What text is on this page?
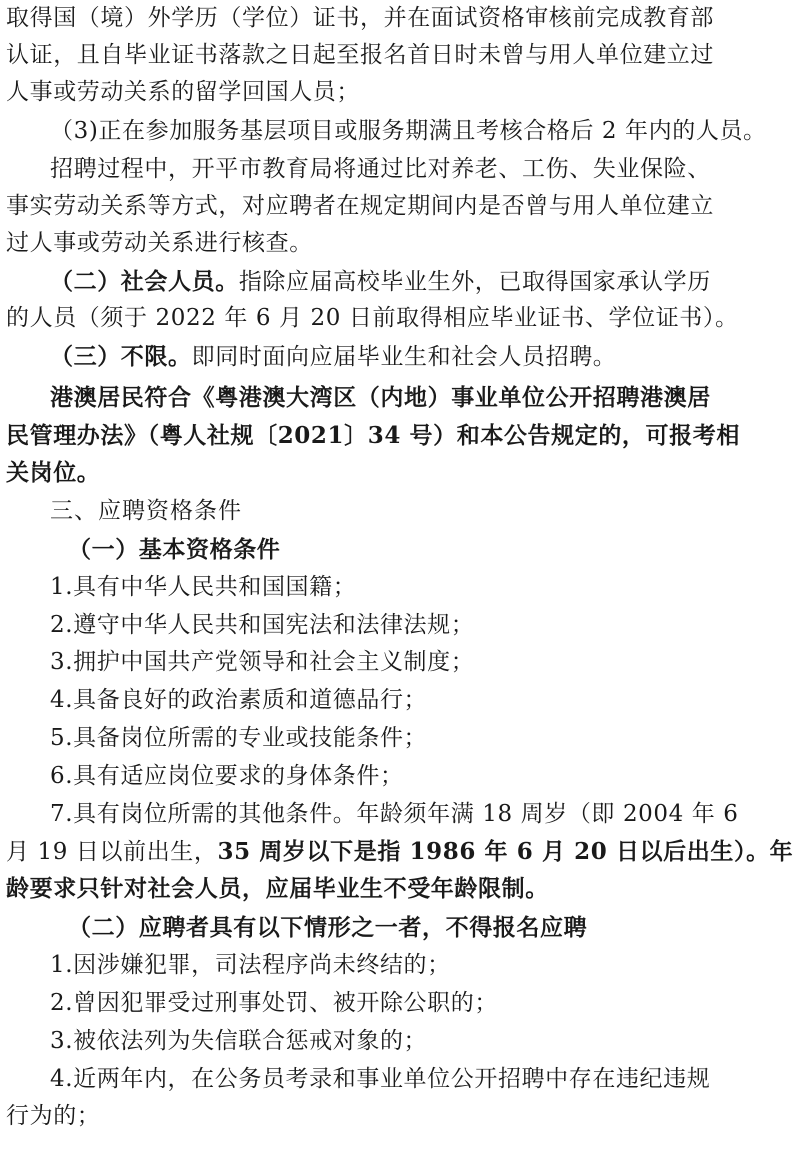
取得国（境）外学历（学位）证书，并在面试资格审核前完成教育部
认证，且自毕业证书落款之日起至报名首日时未曾与用人单位建立过
人事或劳动关系的留学回国人员；
（3)正在参加服务基层项目或服务期满且考核合格后 2 年内的人员。
招聘过程中，开平市教育局将通过比对养老、工伤、失业保险、
事实劳动关系等方式，对应聘者在规定期间内是否曾与用人单位建立
过人事或劳动关系进行核查。
（二）社会人员。指除应届高校毕业生外，已取得国家承认学历
的人员（须于 2022 年 6 月 20 日前取得相应毕业证书、学位证书）。
（三）不限。即同时面向应届毕业生和社会人员招聘。
港澳居民符合《粤港澳大湾区（内地）事业单位公开招聘港澳居
民管理办法》（粤人社规〔2021〕34 号）和本公告规定的，可报考相
关岗位。
三、应聘资格条件
（一）基本资格条件
1.具有中华人民共和国国籍；
2.遵守中华人民共和国宪法和法律法规；
3.拥护中国共产党领导和社会主义制度；
4.具备良好的政治素质和道德品行；
5.具备岗位所需的专业或技能条件；
6.具有适应岗位要求的身体条件；
7.具有岗位所需的其他条件。年龄须年满 18 周岁（即 2004 年 6
月 19 日以前出生，35 周岁以下是指 1986 年 6 月 20 日以后出生）。年
龄要求只针对社会人员，应届毕业生不受年龄限制。
（二）应聘者具有以下情形之一者，不得报名应聘
1.因涉嫌犯罪，司法程序尚未终结的；
2.曾因犯罪受过刑事处罚、被开除公职的；
3.被依法列为失信联合惩戒对象的；
4.近两年内，在公务员考录和事业单位公开招聘中存在违纪违规
行为的；
